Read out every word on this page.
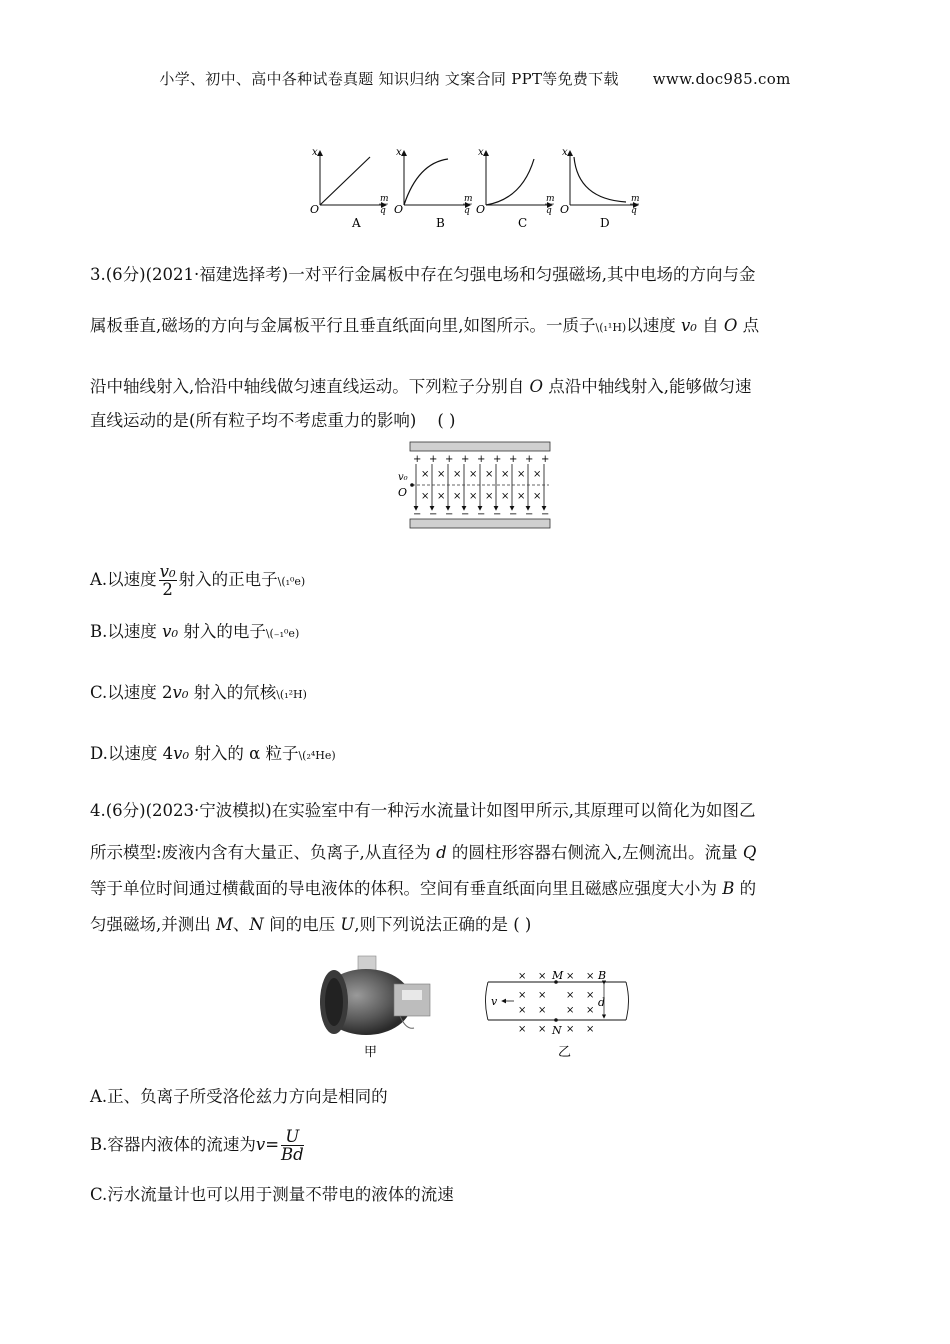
小学、初中、高中各种试卷真题 知识归纳 文案合同 PPT等免费下载 www.doc985.com
x
O
m
q
A
x
O
m
q
B
x
O
m
q
C
x
O
m
q
D
3.(6分)(2021·福建选择考)一对平行金属板中存在匀强电场和匀强磁场,其中电场的方向与金
属板垂直,磁场的方向与金属板平行且垂直纸面向里,如图所示。一质子\(₁¹H)以速度 v₀ 自 O 点
沿中轴线射入,恰沿中轴线做匀速直线运动。下列粒子分别自 O 点沿中轴线射入,能够做匀速
直线运动的是(所有粒子均不考虑重力的影响) ( )
+
−
+
−
+
−
+
−
+
−
+
−
+
−
+
−
+
−
×
×
×
×
×
×
×
×
×
×
×
×
×
×
×
×
v₀
O
A.以速度 $\frac{\text{v₀}}{2}$ 射入的正电子\(₁⁰e)
B.以速度 v₀ 射入的电子\(₋₁⁰e)
C.以速度 2v₀ 射入的氘核\(₁²H)
D.以速度 4v₀ 射入的 α 粒子\(₂⁴He)
4.(6分)(2023·宁波模拟)在实验室中有一种污水流量计如图甲所示,其原理可以简化为如图乙
所示模型:废液内含有大量正、负离子,从直径为 d 的圆柱形容器右侧流入,左侧流出。流量 Q
等于单位时间通过横截面的导电液体的体积。空间有垂直纸面向里且磁感应强度大小为 B 的
匀强磁场,并测出 M、N 间的电压 U,则下列说法正确的是 ( )
甲
× × × ×
× × × ×
× × × ×
× × × ×
M
N
B
d
v
乙
A.正、负离子所受洛伦兹力方向是相同的
B.容器内液体的流速为$v= \frac{U}{Bd}$
C.污水流量计也可以用于测量不带电的液体的流速
